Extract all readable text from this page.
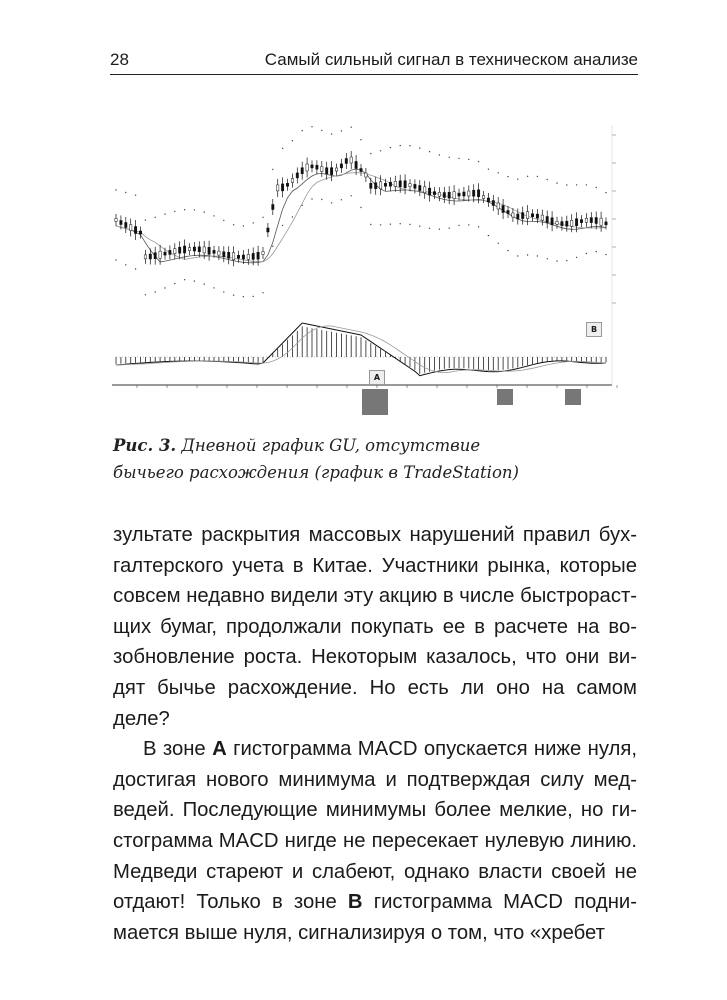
28	Самый сильный сигнал в техническом анализе
A
B
Рис. 3. Дневной график GU, отсутствие
бычьего расхождения (график в TradeStation)

зультате раскрытия массовых нарушений правил бух-

галтерского учета в Китае. Участники рынка, которые

совсем недавно видели эту акцию в числе быстрораст-

щих бумаг, продолжали покупать ее в расчете на во-

зобновление роста. Некоторым казалось, что они ви-

дят бычье расхождение. Но есть ли оно на самом деле?

В зоне A гистограмма MACD опускается ниже нуля,

достигая нового минимума и подтверждая силу мед-

ведей. Последующие минимумы более мелкие, но ги-

стограмма MACD нигде не пересекает нулевую линию.

Медведи стареют и слабеют, однако власти своей не

отдают! Только в зоне B гистограмма MACD подни-

мается выше нуля, сигнализируя о том, что «хребет
